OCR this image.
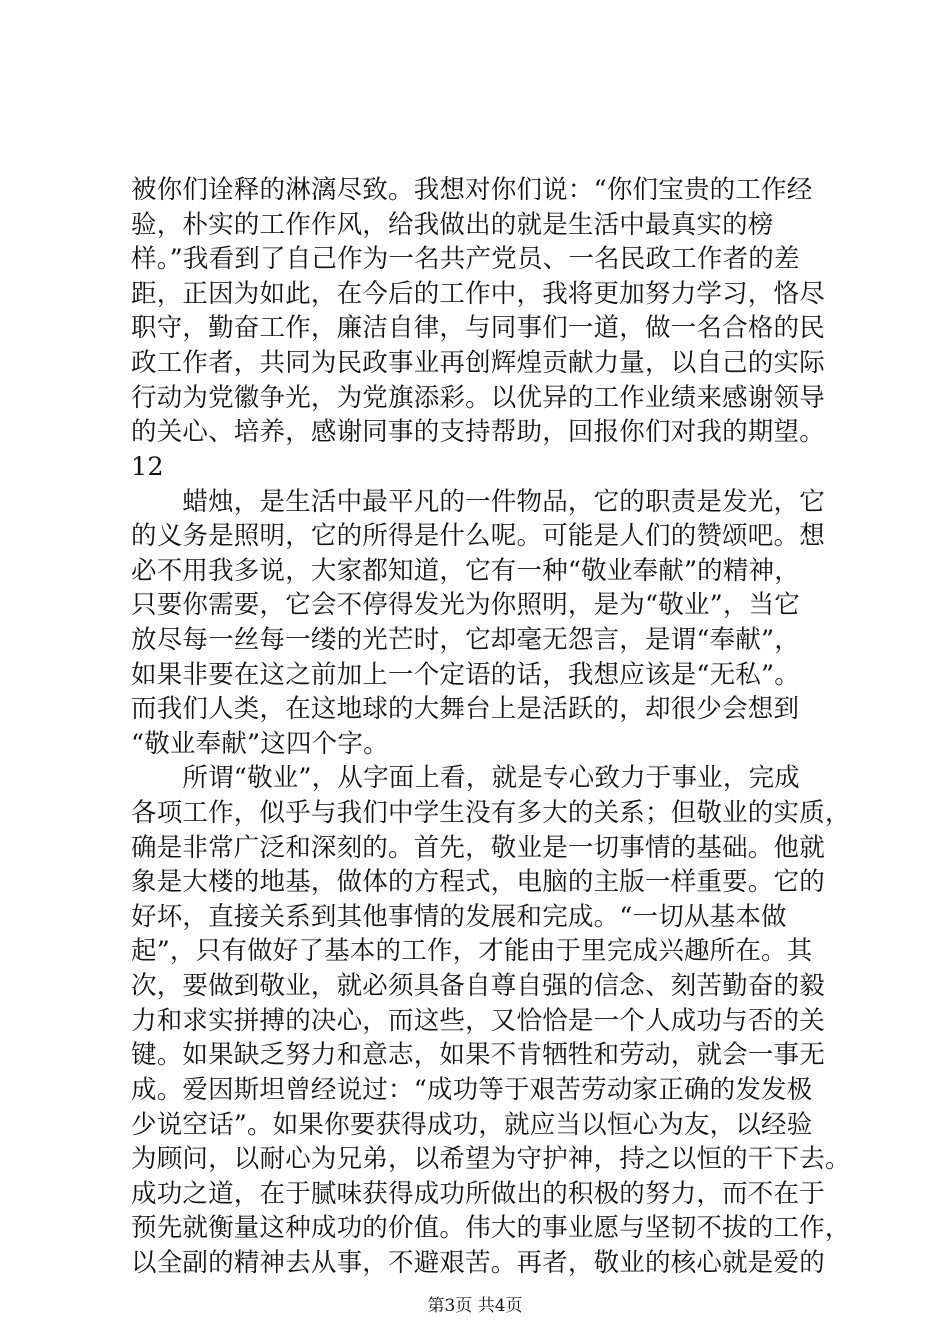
被你们诠释的淋漓尽致。我想对你们说：“你们宝贵的工作经
验，朴实的工作作风，给我做出的就是生活中最真实的榜
样。”我看到了自己作为一名共产党员、一名民政工作者的差
距，正因为如此，在今后的工作中，我将更加努力学习，恪尽
职守，勤奋工作，廉洁自律，与同事们一道，做一名合格的民
政工作者，共同为民政事业再创辉煌贡献力量，以自己的实际
行动为党徽争光，为党旗添彩。以优异的工作业绩来感谢领导
的关心、培养，感谢同事的支持帮助，回报你们对我的期望。
12
　　蜡烛，是生活中最平凡的一件物品，它的职责是发光，它
的义务是照明，它的所得是什么呢。可能是人们的赞颂吧。想
必不用我多说，大家都知道，它有一种“敬业奉献”的精神，
只要你需要，它会不停得发光为你照明，是为“敬业”，当它
放尽每一丝每一缕的光芒时，它却毫无怨言，是谓“奉献”，
如果非要在这之前加上一个定语的话，我想应该是“无私”。
而我们人类，在这地球的大舞台上是活跃的，却很少会想到
“敬业奉献”这四个字。
　　所谓“敬业”，从字面上看，就是专心致力于事业，完成
各项工作，似乎与我们中学生没有多大的关系；但敬业的实质，
确是非常广泛和深刻的。首先，敬业是一切事情的基础。他就
象是大楼的地基，做体的方程式，电脑的主版一样重要。它的
好坏，直接关系到其他事情的发展和完成。“一切从基本做
起”，只有做好了基本的工作，才能由于里完成兴趣所在。其
次，要做到敬业，就必须具备自尊自强的信念、刻苦勤奋的毅
力和求实拼搏的决心，而这些，又恰恰是一个人成功与否的关
键。如果缺乏努力和意志，如果不肯牺牲和劳动，就会一事无
成。爱因斯坦曾经说过：“成功等于艰苦劳动家正确的发发极
少说空话”。如果你要获得成功，就应当以恒心为友，以经验
为顾问，以耐心为兄弟，以希望为守护神，持之以恒的干下去。
成功之道，在于腻味获得成功所做出的积极的努力，而不在于
预先就衡量这种成功的价值。伟大的事业愿与坚韧不拔的工作，
以全副的精神去从事，不避艰苦。再者，敬业的核心就是爱的
第3页 共4页
